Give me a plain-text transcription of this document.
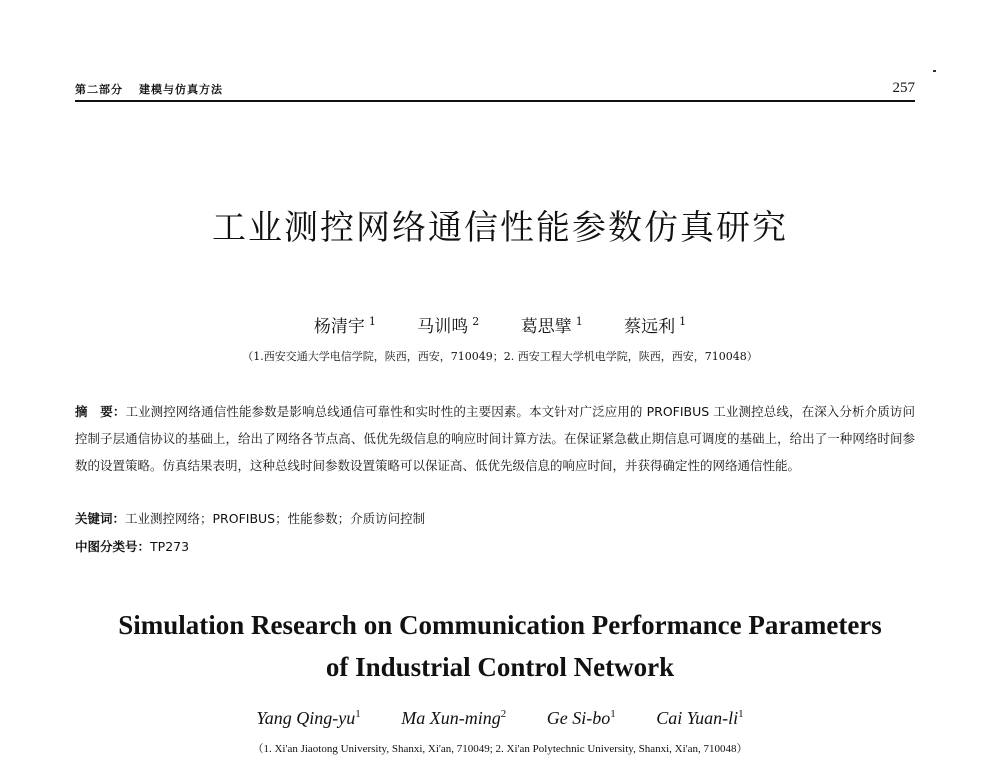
第二部分 建模与仿真方法	257
工业测控网络通信性能参数仿真研究
杨清宇 $^1$ 马训鸣 $^2$ 葛思擘 $^1$ 蔡远利 $^1$
（1.西安交通大学电信学院，陕西，西安，710049；2. 西安工程大学机电学院，陕西，西安，710048）
摘　要：工业测控网络通信性能参数是影响总线通信可靠性和实时性的主要因素。本文针对广泛应用的 PROFIBUS 工业测控总线，在深入分析介质访问控制子层通信协议的基础上，给出了网络各节点高、低优先级信息的响应时间计算方法。在保证紧急截止期信息可调度的基础上，给出了一种网络时间参数的设置策略。仿真结果表明，这种总线时间参数设置策略可以保证高、低优先级信息的响应时间，并获得确定性的网络通信性能。
关键词：工业测控网络；PROFIBUS；性能参数；介质访问控制
中图分类号：TP273
Simulation Research on Communication Performance Parameters
of Industrial Control Network
Yang Qing-$yu^1$ Ma Xun-ming$^2$ Ge $Si-bo^1$ Cai Yuan-$li^1$
（1. Xi'an Jiaotong University, Shanxi, Xi'an, 710049; 2. Xi'an Polytechnic University, Shanxi, Xi'an, 710048）
